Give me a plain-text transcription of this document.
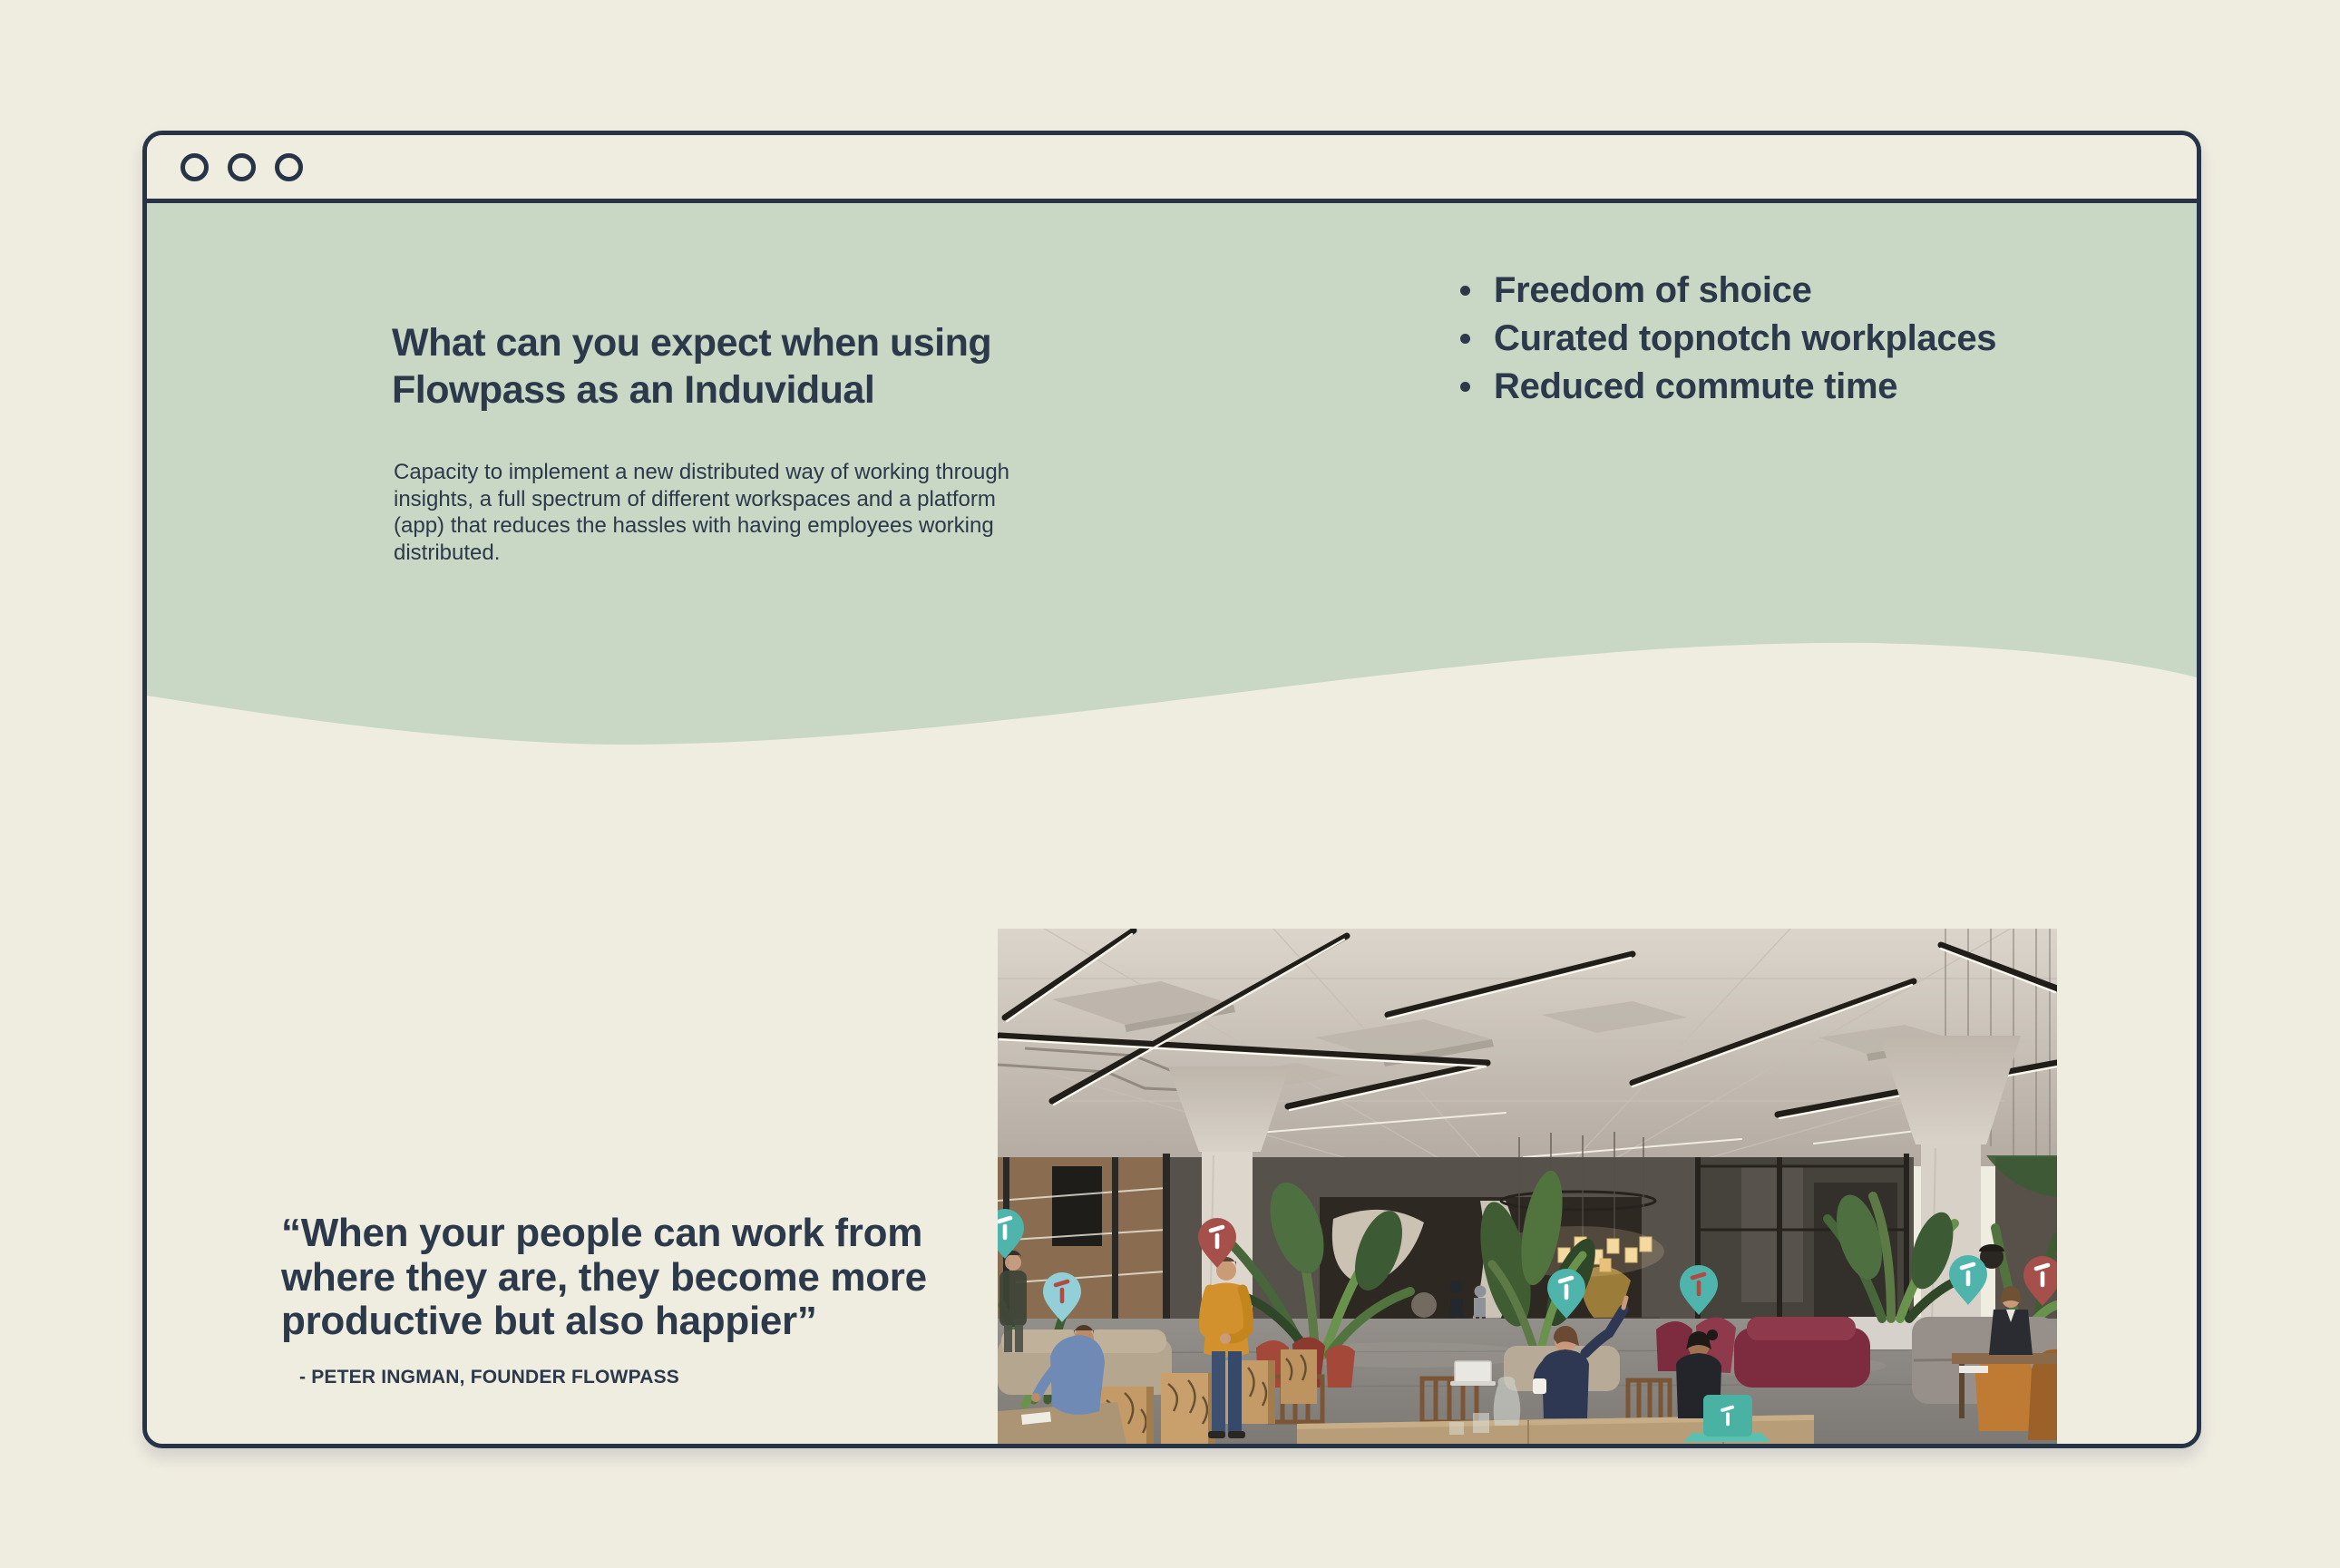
What can you expect when using
Flowpass as an Induvidual

Capacity to implement a new distributed way of working through insights, a full spectrum of different workspaces and a platform (app) that reduces the hassles with having employees working distributed.

Freedom of shoice
Curated topnotch workplaces
Reduced commute time

“When your people can work from
where they are, they become more
productive but also happier”

- PETER INGMAN, FOUNDER FLOWPASS
